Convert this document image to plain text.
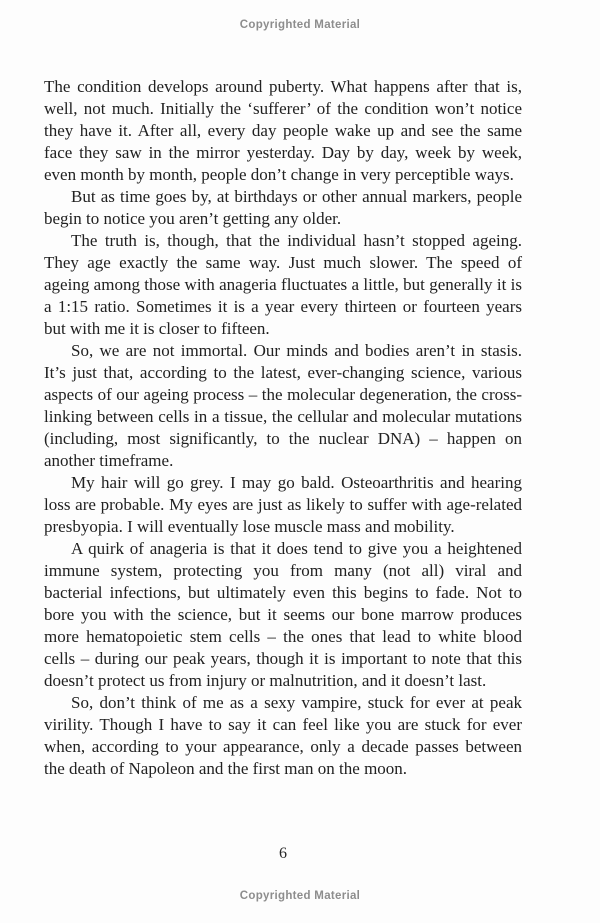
Copyrighted Material

The condition develops around puberty. What happens after that is, well, not much. Initially the ‘sufferer’ of the condition won’t notice they have it. After all, every day people wake up and see the same face they saw in the mirror yesterday. Day by day, week by week, even month by month, people don’t change in very perceptible ways.

But as time goes by, at birthdays or other annual markers, people begin to notice you aren’t getting any older.

The truth is, though, that the individual hasn’t stopped ageing. They age exactly the same way. Just much slower. The speed of ageing among those with anageria fluctuates a little, but generally it is a 1:15 ratio. Sometimes it is a year every thirteen or fourteen years but with me it is closer to fifteen.

So, we are not immortal. Our minds and bodies aren’t in stasis. It’s just that, according to the latest, ever-changing science, various aspects of our ageing process – the molecular degeneration, the cross-linking between cells in a tissue, the cellular and molecular mutations (including, most significantly, to the nuclear DNA) – happen on another timeframe.

My hair will go grey. I may go bald. Osteoarthritis and hearing loss are probable. My eyes are just as likely to suffer with age-related presbyopia. I will eventually lose muscle mass and mobility.

A quirk of anageria is that it does tend to give you a heightened immune system, protecting you from many (not all) viral and bacterial infections, but ultimately even this begins to fade. Not to bore you with the science, but it seems our bone marrow produces more hematopoietic stem cells – the ones that lead to white blood cells – during our peak years, though it is important to note that this doesn’t protect us from injury or malnutrition, and it doesn’t last.

So, don’t think of me as a sexy vampire, stuck for ever at peak virility. Though I have to say it can feel like you are stuck for ever when, according to your appearance, only a decade passes between the death of Napoleon and the first man on the moon.

6
Copyrighted Material
